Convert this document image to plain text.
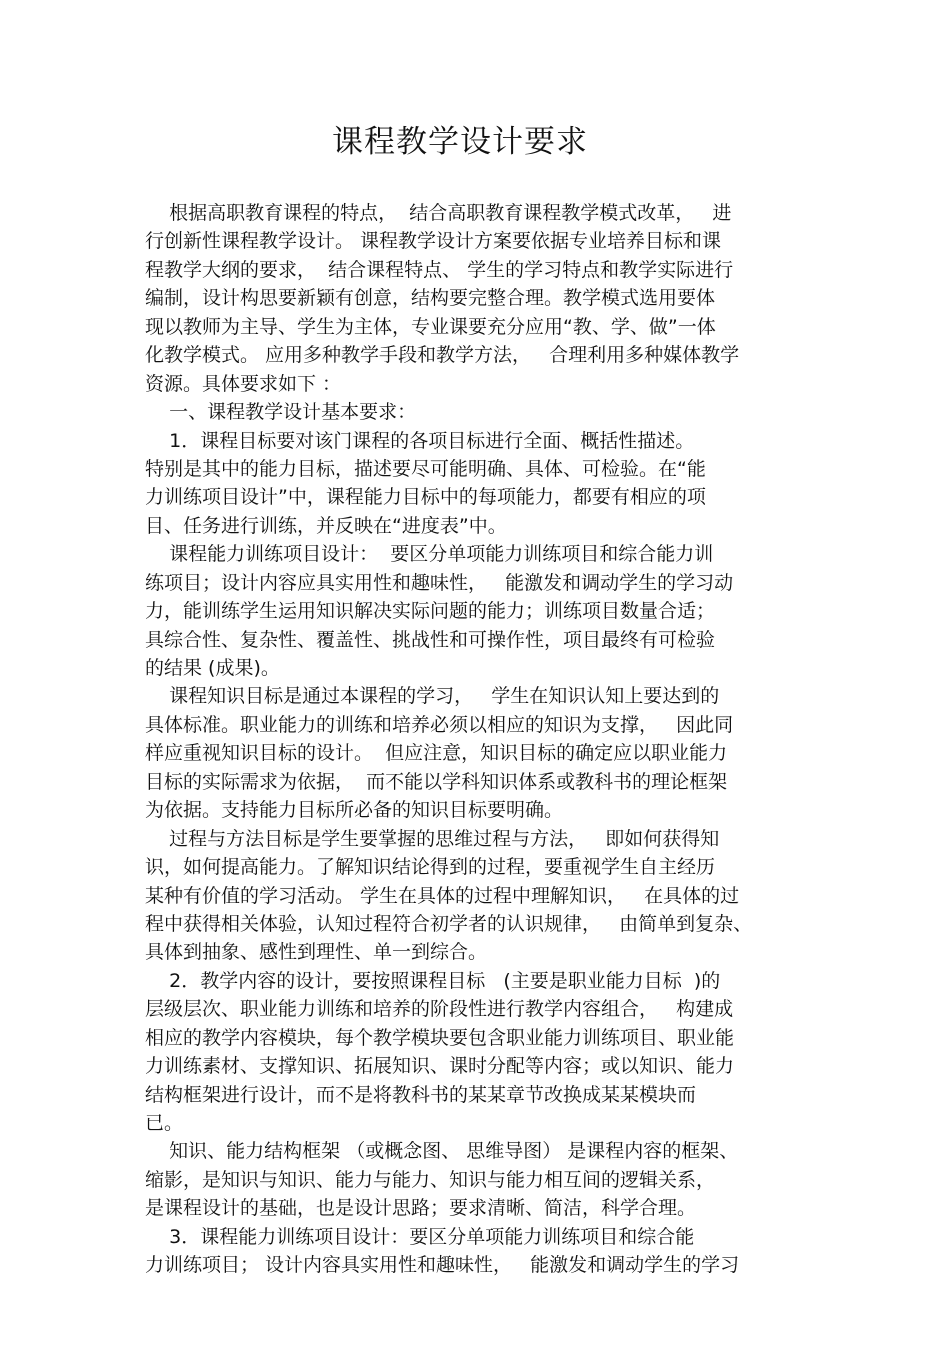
课程教学设计要求
根据高职教育课程的特点，  结合高职教育课程教学模式改革，   进
行创新性课程教学设计。 课程教学设计方案要依据专业培养目标和课
程教学大纲的要求，  结合课程特点、 学生的学习特点和教学实际进行
编制，设计构思要新颖有创意，结构要完整合理。教学模式选用要体
现以教师为主导、学生为主体，专业课要充分应用“教、学、做”一体
化教学模式。 应用多种教学手段和教学方法，   合理利用多种媒体教学
资源。具体要求如下 ：
一、课程教学设计基本要求：
1．课程目标要对该门课程的各项目标进行全面、概括性描述。
特别是其中的能力目标，描述要尽可能明确、具体、可检验。在“能
力训练项目设计”中，课程能力目标中的每项能力，都要有相应的项
目、任务进行训练，并反映在“进度表”中。
课程能力训练项目设计：  要区分单项能力训练项目和综合能力训
练项目；设计内容应具实用性和趣味性，   能激发和调动学生的学习动
力，能训练学生运用知识解决实际问题的能力；训练项目数量合适；
具综合性、复杂性、覆盖性、挑战性和可操作性，项目最终有可检验
的结果 (成果)。
课程知识目标是通过本课程的学习，   学生在知识认知上要达到的
具体标准。职业能力的训练和培养必须以相应的知识为支撑，   因此同
样应重视知识目标的设计。  但应注意，知识目标的确定应以职业能力
目标的实际需求为依据，  而不能以学科知识体系或教科书的理论框架
为依据。支持能力目标所必备的知识目标要明确。
过程与方法目标是学生要掌握的思维过程与方法，   即如何获得知
识，如何提高能力。了解知识结论得到的过程，要重视学生自主经历
某种有价值的学习活动。 学生在具体的过程中理解知识，   在具体的过
程中获得相关体验，认知过程符合初学者的认识规律，   由简单到复杂、
具体到抽象、感性到理性、单一到综合。
2．教学内容的设计，要按照课程目标   (主要是职业能力目标  )的
层级层次、职业能力训练和培养的阶段性进行教学内容组合，   构建成
相应的教学内容模块，每个教学模块要包含职业能力训练项目、职业能
力训练素材、支撑知识、拓展知识、课时分配等内容；或以知识、能力
结构框架进行设计，而不是将教科书的某某章节改换成某某模块而
已。
知识、能力结构框架 （或概念图、 思维导图） 是课程内容的框架、
缩影，是知识与知识、能力与能力、知识与能力相互间的逻辑关系，
是课程设计的基础，也是设计思路；要求清晰、简洁，科学合理。
3．课程能力训练项目设计：要区分单项能力训练项目和综合能
力训练项目； 设计内容具实用性和趣味性，   能激发和调动学生的学习
